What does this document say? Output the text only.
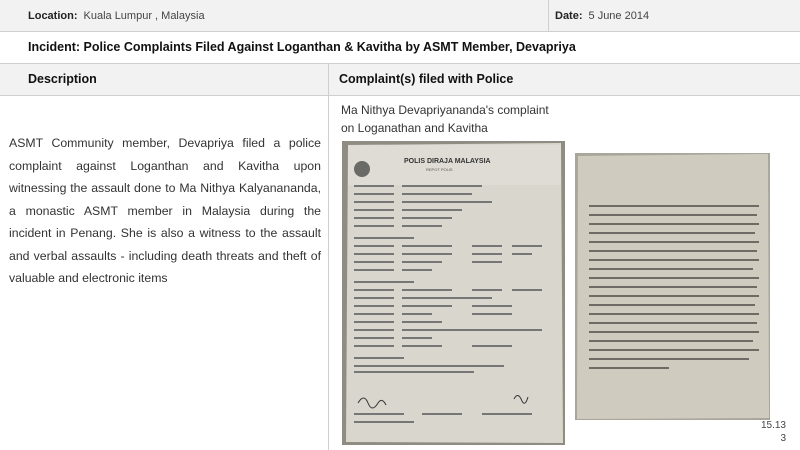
Location: Kuala Lumpur , Malaysia	Date: 5 June 2014
Incident: Police Complaints Filed Against Loganthan & Kavitha by ASMT Member, Devapriya
Description	Complaint(s) filed with Police
ASMT Community member, Devapriya filed a police complaint against Loganthan and Kavitha upon witnessing the assault done to Ma Nithya Kalyanananda, a monastic ASMT member in Malaysia during the incident in Penang. She is also a witness to the assault and verbal assaults - including death threats and theft of valuable and electronic items
Ma Nithya Devapriyananda's complaint
on Loganathan and Kavitha
POLIS DIRAJA MALAYSIA
REPOT POLIS
15.13
3
